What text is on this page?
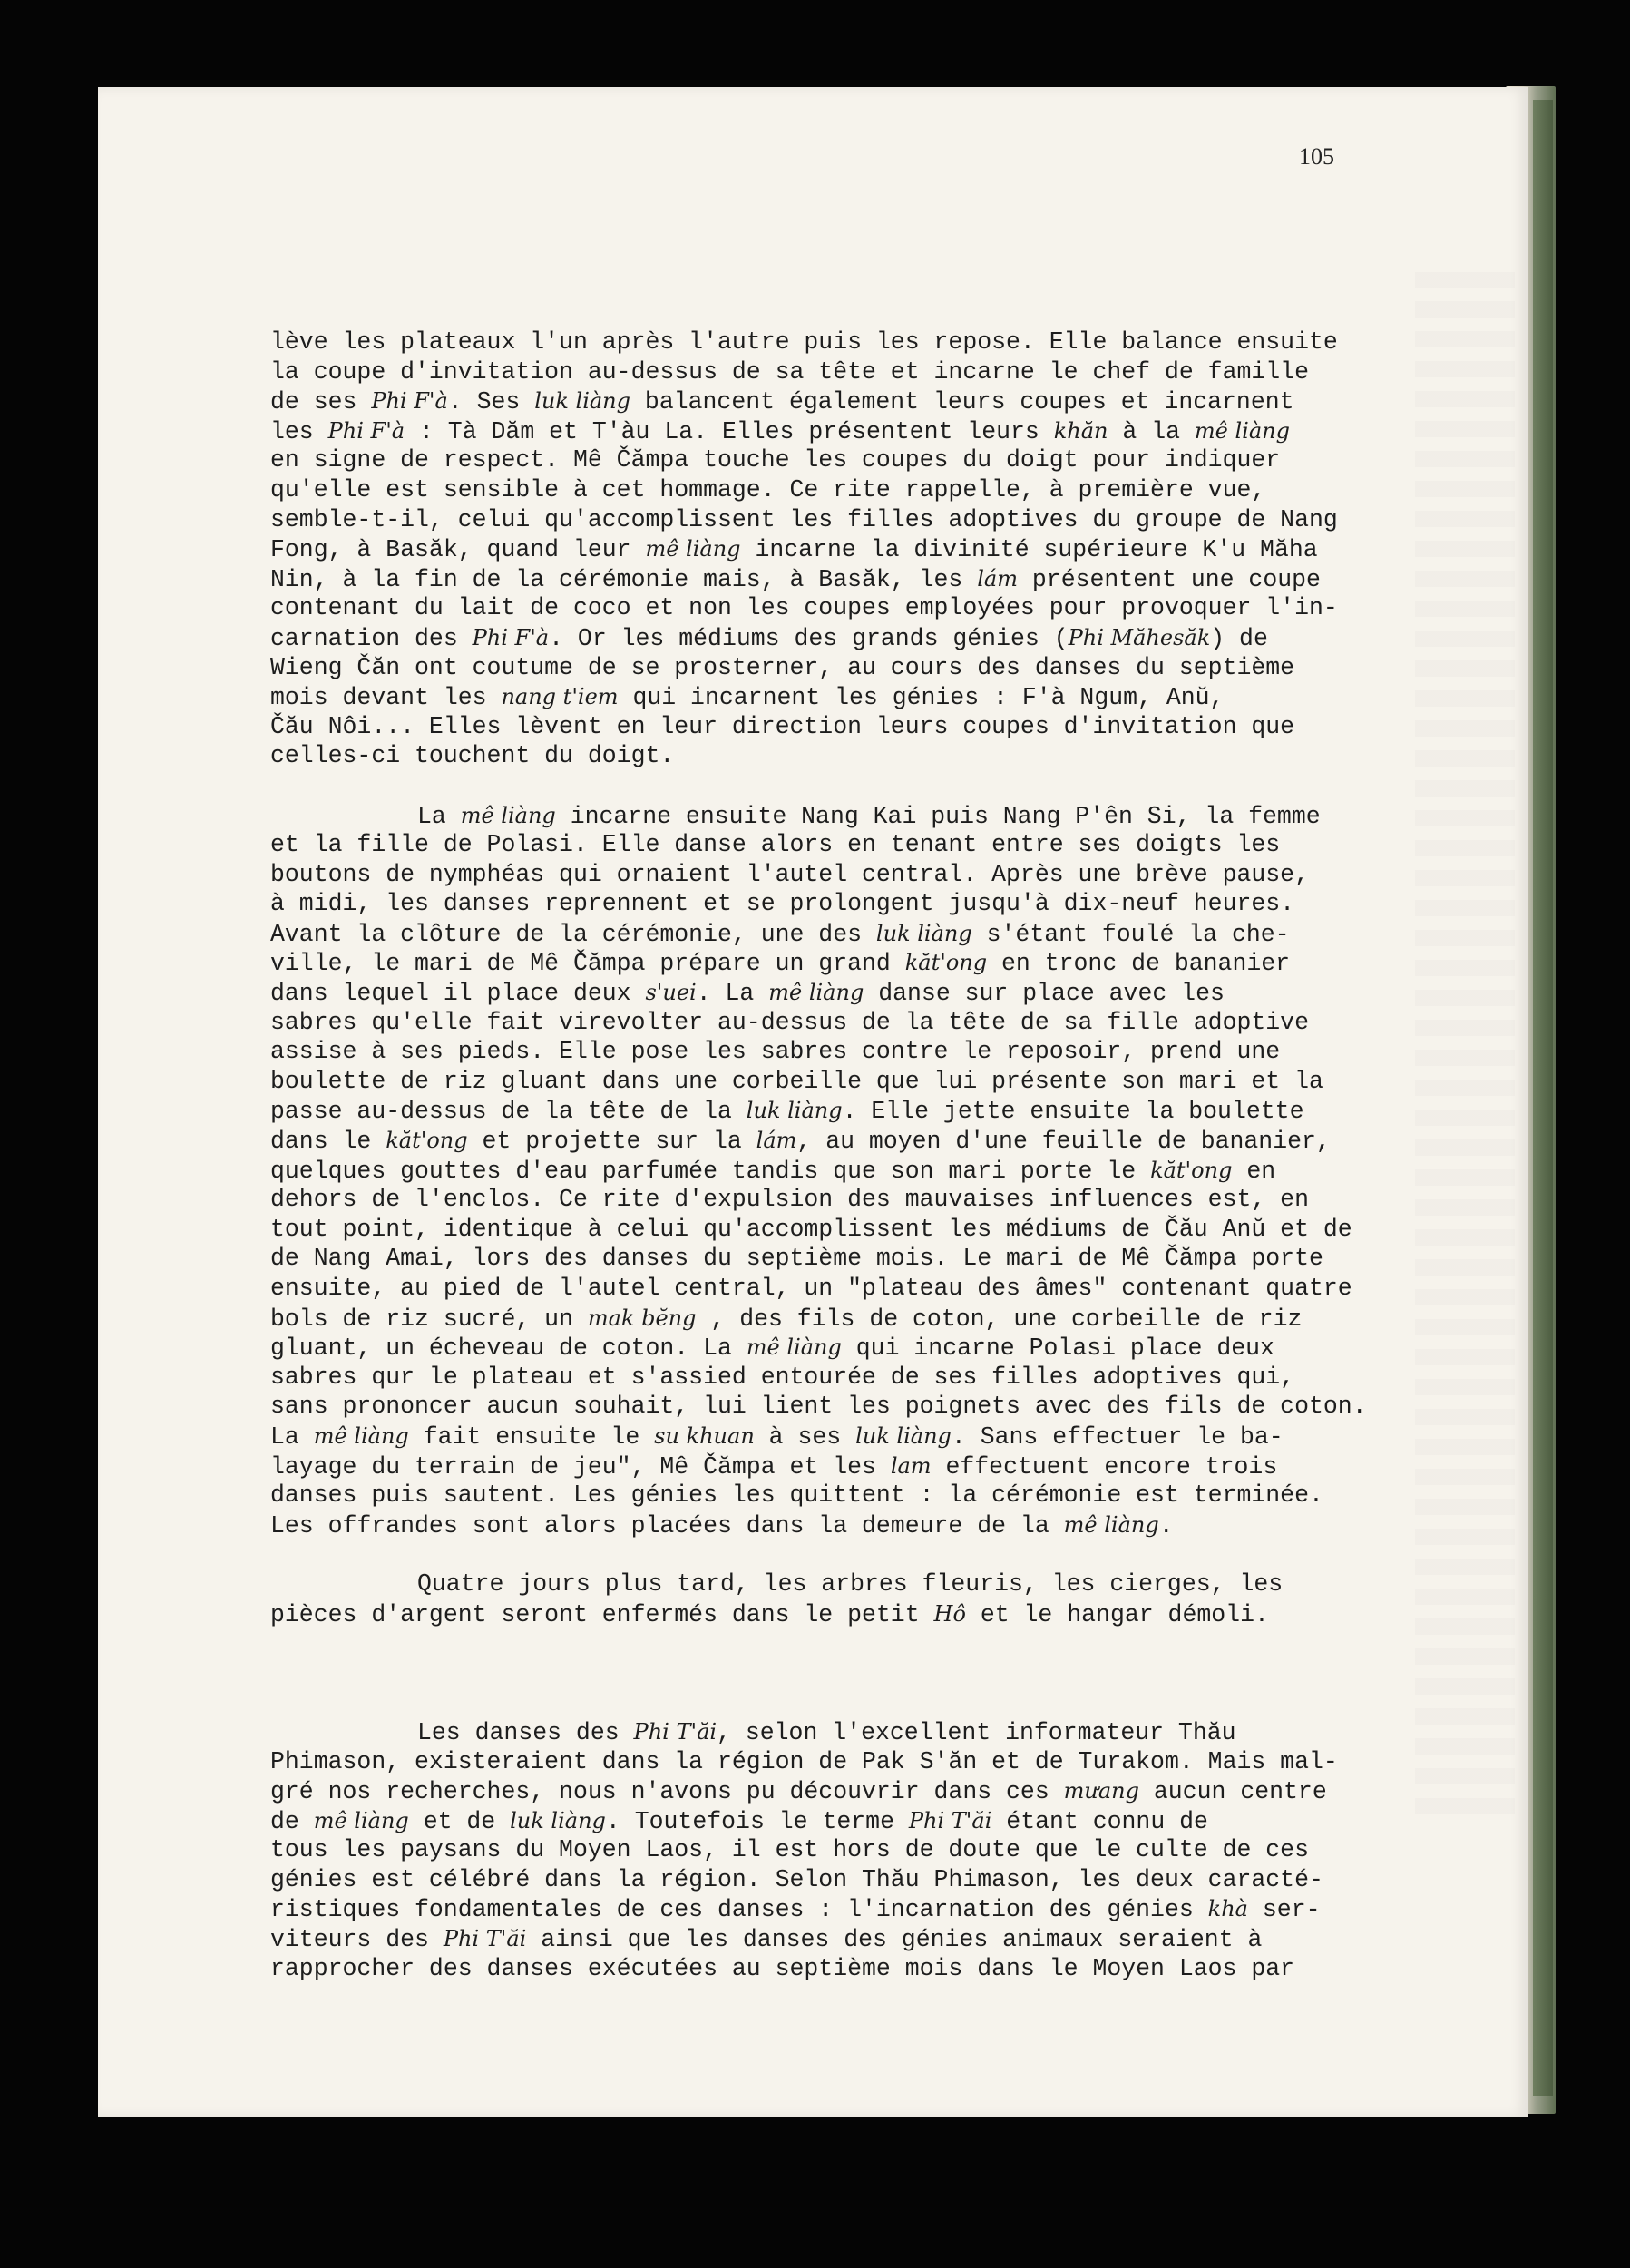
105
lève les plateaux l'un après l'autre puis les repose. Elle balance ensuite
la coupe d'invitation au-dessus de sa tête et incarne le chef de famille
de ses Phi F'à. Ses luk liàng balancent également leurs coupes et incarnent
les Phi F'à : Tà Dăm et T'àu La. Elles présentent leurs khăn à la mê liàng
en signe de respect. Mê Čămpa touche les coupes du doigt pour indiquer
qu'elle est sensible à cet hommage. Ce rite rappelle, à première vue,
semble-t-il, celui qu'accomplissent les filles adoptives du groupe de Nang
Fong, à Basăk, quand leur mê liàng incarne la divinité supérieure K'u Măha
Nin, à la fin de la cérémonie mais, à Basăk, les lám présentent une coupe
contenant du lait de coco et non les coupes employées pour provoquer l'in-
carnation des Phi F'à. Or les médiums des grands génies (Phi Măhesăk) de
Wieng Čăn ont coutume de se prosterner, au cours des danses du septième
mois devant les nang t'iem qui incarnent les génies : F'à Ngum, Anŭ,
Čău Nôi... Elles lèvent en leur direction leurs coupes d'invitation que
celles-ci touchent du doigt.
La mê liàng incarne ensuite Nang Kai puis Nang P'ên Si, la femme
et la fille de Polasi. Elle danse alors en tenant entre ses doigts les
boutons de nymphéas qui ornaient l'autel central. Après une brève pause,
à midi, les danses reprennent et se prolongent jusqu'à dix-neuf heures.
Avant la clôture de la cérémonie, une des luk liàng s'étant foulé la che-
ville, le mari de Mê Čămpa prépare un grand kăt'ong en tronc de bananier
dans lequel il place deux s'uei. La mê liàng danse sur place avec les
sabres qu'elle fait virevolter au-dessus de la tête de sa fille adoptive
assise à ses pieds. Elle pose les sabres contre le reposoir, prend une
boulette de riz gluant dans une corbeille que lui présente son mari et la
passe au-dessus de la tête de la luk liàng. Elle jette ensuite la boulette
dans le kăt'ong et projette sur la lám, au moyen d'une feuille de bananier,
quelques gouttes d'eau parfumée tandis que son mari porte le kăt'ong en
dehors de l'enclos. Ce rite d'expulsion des mauvaises influences est, en
tout point, identique à celui qu'accomplissent les médiums de Čău Anŭ et de
de Nang Amai, lors des danses du septième mois. Le mari de Mê Čămpa porte
ensuite, au pied de l'autel central, un "plateau des âmes" contenant quatre
bols de riz sucré, un mak bĕng , des fils de coton, une corbeille de riz
gluant, un écheveau de coton. La mê liàng qui incarne Polasi place deux
sabres qur le plateau et s'assied entourée de ses filles adoptives qui,
sans prononcer aucun souhait, lui lient les poignets avec des fils de coton.
La mê liàng fait ensuite le su khuan à ses luk liàng. Sans effectuer le ba-
layage du terrain de jeu", Mê Čămpa et les lam effectuent encore trois
danses puis sautent. Les génies les quittent : la cérémonie est terminée.
Les offrandes sont alors placées dans la demeure de la mê liàng.
Quatre jours plus tard, les arbres fleuris, les cierges, les
pièces d'argent seront enfermés dans le petit Hô et le hangar démoli.
Les danses des Phi T'ăi, selon l'excellent informateur Thău
Phimason, existeraient dans la région de Pak S'ăn et de Turakom. Mais mal-
gré nos recherches, nous n'avons pu découvrir dans ces mưang aucun centre
de mê liàng et de luk liàng. Toutefois le terme Phi T'ăi étant connu de
tous les paysans du Moyen Laos, il est hors de doute que le culte de ces
génies est célébré dans la région. Selon Thău Phimason, les deux caracté-
ristiques fondamentales de ces danses : l'incarnation des génies khà ser-
viteurs des Phi T'ăi ainsi que les danses des génies animaux seraient à
rapprocher des danses exécutées au septième mois dans le Moyen Laos par
